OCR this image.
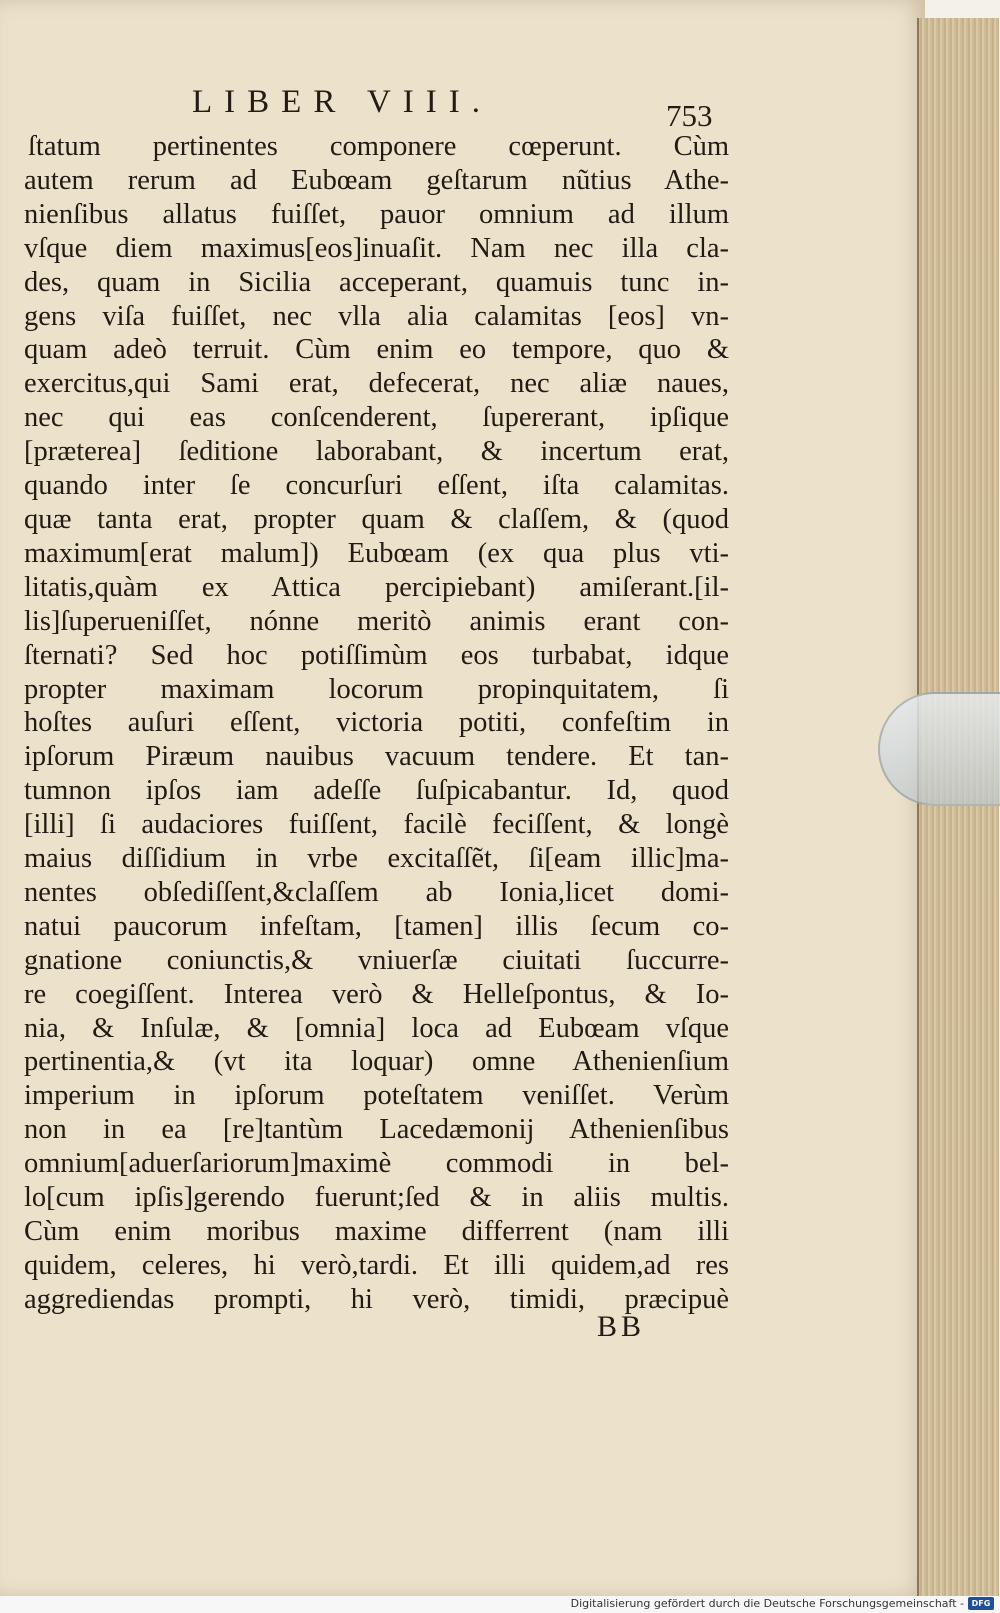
LIBER VIII.	753
ſtatum pertinentes componere cœperunt. Cùm
autem rerum ad Eubœam geſtarum nũtius Athe-
nienſibus allatus fuiſſet, pauor omnium ad illum
vſque diem maximus[eos]inuaſit. Nam nec illa cla-
des, quam in Sicilia acceperant, quamuis tunc in-
gens viſa fuiſſet, nec vlla alia calamitas [eos] vn-
quam adeò terruit. Cùm enim eo tempore, quo &
exercitus,qui Sami erat, defecerat, nec aliæ naues,
nec qui eas conſcenderent, ſupererant, ipſique
[præterea] ſeditione laborabant, & incertum erat,
quando inter ſe concurſuri eſſent, iſta calamitas.
quæ tanta erat, propter quam & claſſem, & (quod
maximum[erat malum]) Eubœam (ex qua plus vti-
litatis,quàm ex Attica percipiebant) amiſerant.[il-
lis]ſuperueniſſet, nónne meritò animis erant con-
ſternati? Sed hoc potiſſimùm eos turbabat, idque
propter maximam locorum propinquitatem, ſi
hoſtes auſuri eſſent, victoria potiti, confeſtim in
ipſorum Piræum nauibus vacuum tendere. Et tan-
tumnon ipſos iam adeſſe ſuſpicabantur. Id, quod
[illi] ſi audaciores fuiſſent, facilè feciſſent, & longè
maius diſſidium in vrbe excitaſſẽt, ſi[eam illic]ma-
nentes obſediſſent,&claſſem ab Ionia,licet domi-
natui paucorum infeſtam, [tamen] illis ſecum co-
gnatione coniunctis,& vniuerſæ ciuitati ſuccurre-
re coegiſſent. Interea verò & Helleſpontus, & Io-
nia, & Inſulæ, & [omnia] loca ad Eubœam vſque
pertinentia,& (vt ita loquar) omne Athenienſium
imperium in ipſorum poteſtatem veniſſet. Verùm
non in ea [re]tantùm Lacedæmonij Athenienſibus
omnium[aduerſariorum]maximè commodi in bel-
lo[cum ipſis]gerendo fuerunt;ſed & in aliis multis.
Cùm enim moribus maxime differrent (nam illi
quidem, celeres, hi verò,tardi. Et illi quidem,ad res
aggrediendas prompti, hi verò, timidi, præcipuè
BB
Digitalisierung gefördert durch die Deutsche Forschungsgemeinschaft - DFG
